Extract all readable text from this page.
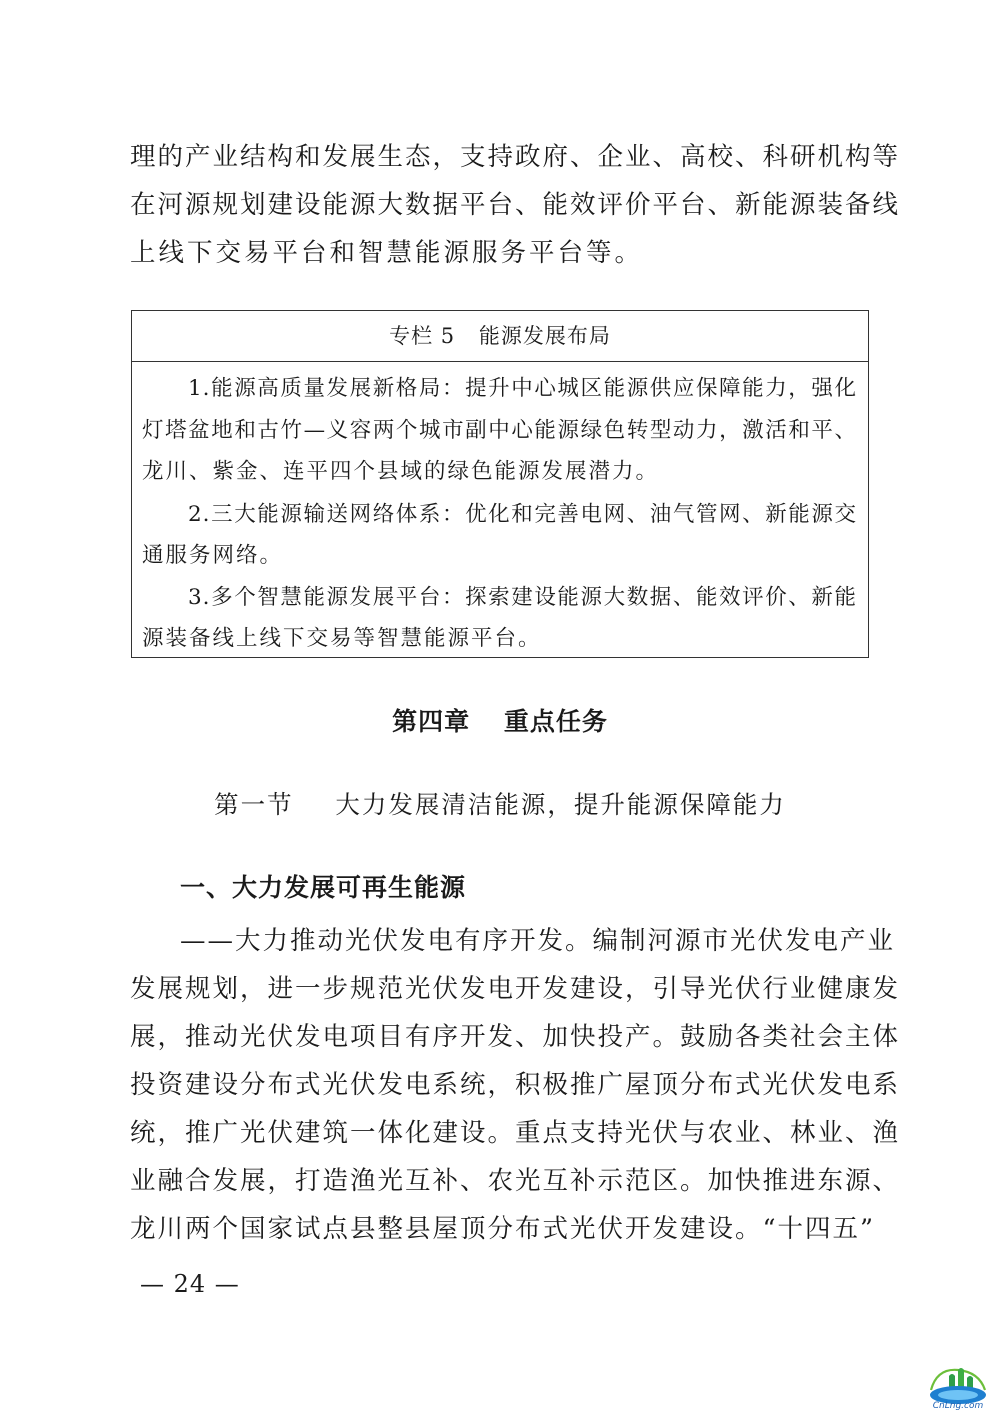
理的产业结构和发展生态，支持政府、企业、高校、科研机构等
在河源规划建设能源大数据平台、能效评价平台、新能源装备线
上线下交易平台和智慧能源服务平台等。
专栏 5 能源发展布局
1.能源高质量发展新格局：提升中心城区能源供应保障能力，强化
灯塔盆地和古竹—义容两个城市副中心能源绿色转型动力，激活和平、
龙川、紫金、连平四个县域的绿色能源发展潜力。
2.三大能源输送网络体系：优化和完善电网、油气管网、新能源交
通服务网络。
3.多个智慧能源发展平台：探索建设能源大数据、能效评价、新能
源装备线上线下交易等智慧能源平台。
第四章 重点任务
第一节 大力发展清洁能源，提升能源保障能力
一、大力发展可再生能源
——大力推动光伏发电有序开发。编制河源市光伏发电产业
发展规划，进一步规范光伏发电开发建设，引导光伏行业健康发
展，推动光伏发电项目有序开发、加快投产。鼓励各类社会主体
投资建设分布式光伏发电系统，积极推广屋顶分布式光伏发电系
统，推广光伏建筑一体化建设。重点支持光伏与农业、林业、渔
业融合发展，打造渔光互补、农光互补示范区。加快推进东源、
龙川两个国家试点县整县屋顶分布式光伏开发建设。“十四五”
— 24 —
CnLng.com
